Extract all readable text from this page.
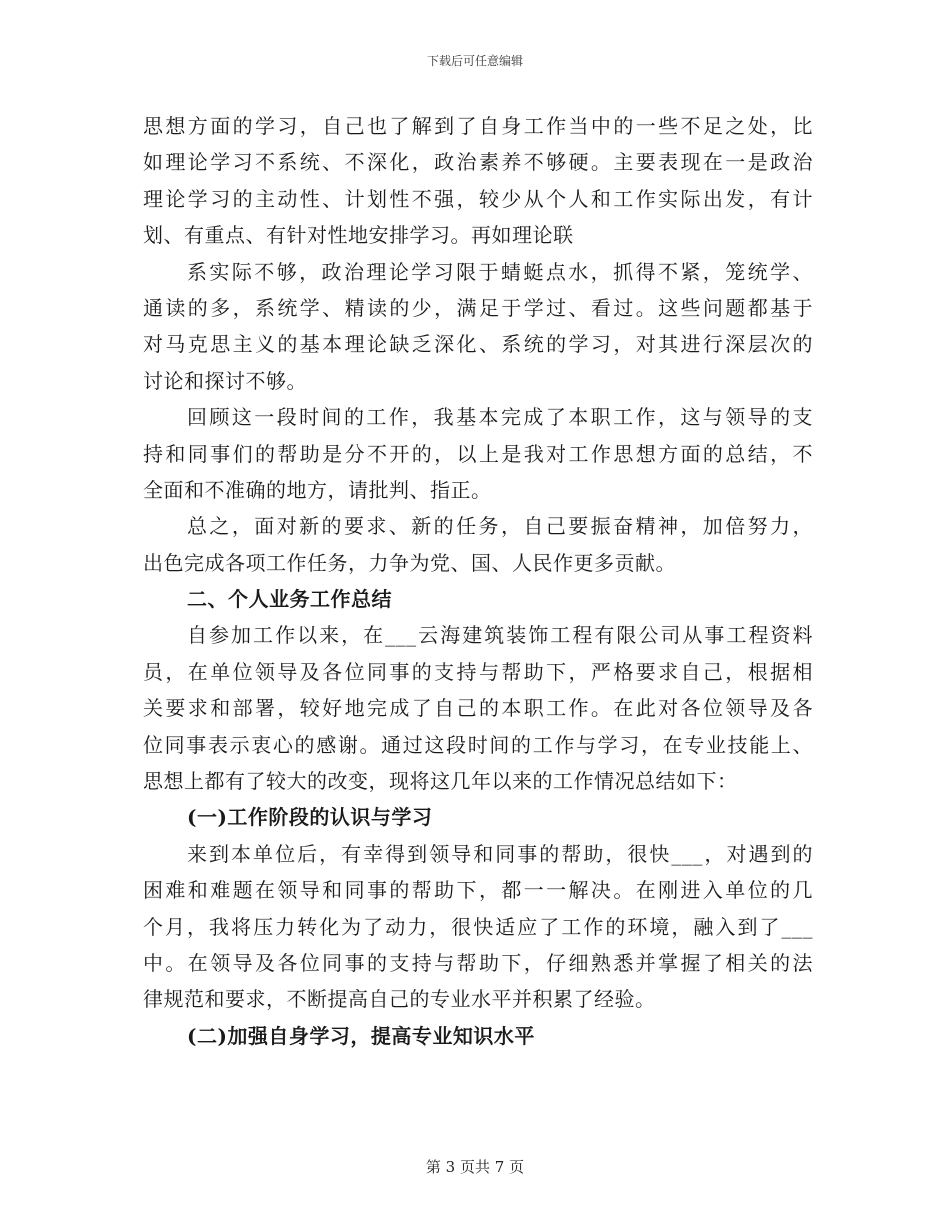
下载后可任意编辑
思想方面的学习，自己也了解到了自身工作当中的一些不足之处，比
如理论学习不系统、不深化，政治素养不够硬。主要表现在一是政治
理论学习的主动性、计划性不强，较少从个人和工作实际出发，有计
划、有重点、有针对性地安排学习。再如理论联
系实际不够，政治理论学习限于蜻蜓点水，抓得不紧，笼统学、
通读的多，系统学、精读的少，满足于学过、看过。这些问题都基于
对马克思主义的基本理论缺乏深化、系统的学习，对其进行深层次的
讨论和探讨不够。
回顾这一段时间的工作，我基本完成了本职工作，这与领导的支
持和同事们的帮助是分不开的，以上是我对工作思想方面的总结，不
全面和不准确的地方，请批判、指正。
总之，面对新的要求、新的任务，自己要振奋精神，加倍努力，
出色完成各项工作任务，力争为党、国、人民作更多贡献。
二、个人业务工作总结
自参加工作以来，在___云海建筑装饰工程有限公司从事工程资料
员，在单位领导及各位同事的支持与帮助下，严格要求自己，根据相
关要求和部署，较好地完成了自己的本职工作。在此对各位领导及各
位同事表示衷心的感谢。通过这段时间的工作与学习，在专业技能上、
思想上都有了较大的改变，现将这几年以来的工作情况总结如下：
(一)工作阶段的认识与学习
来到本单位后，有幸得到领导和同事的帮助，很快___，对遇到的
困难和难题在领导和同事的帮助下，都一一解决。在刚进入单位的几
个月，我将压力转化为了动力，很快适应了工作的环境，融入到了___
中。在领导及各位同事的支持与帮助下，仔细熟悉并掌握了相关的法
律规范和要求，不断提高自己的专业水平并积累了经验。
(二)加强自身学习，提高专业知识水平
第 3 页共 7 页
